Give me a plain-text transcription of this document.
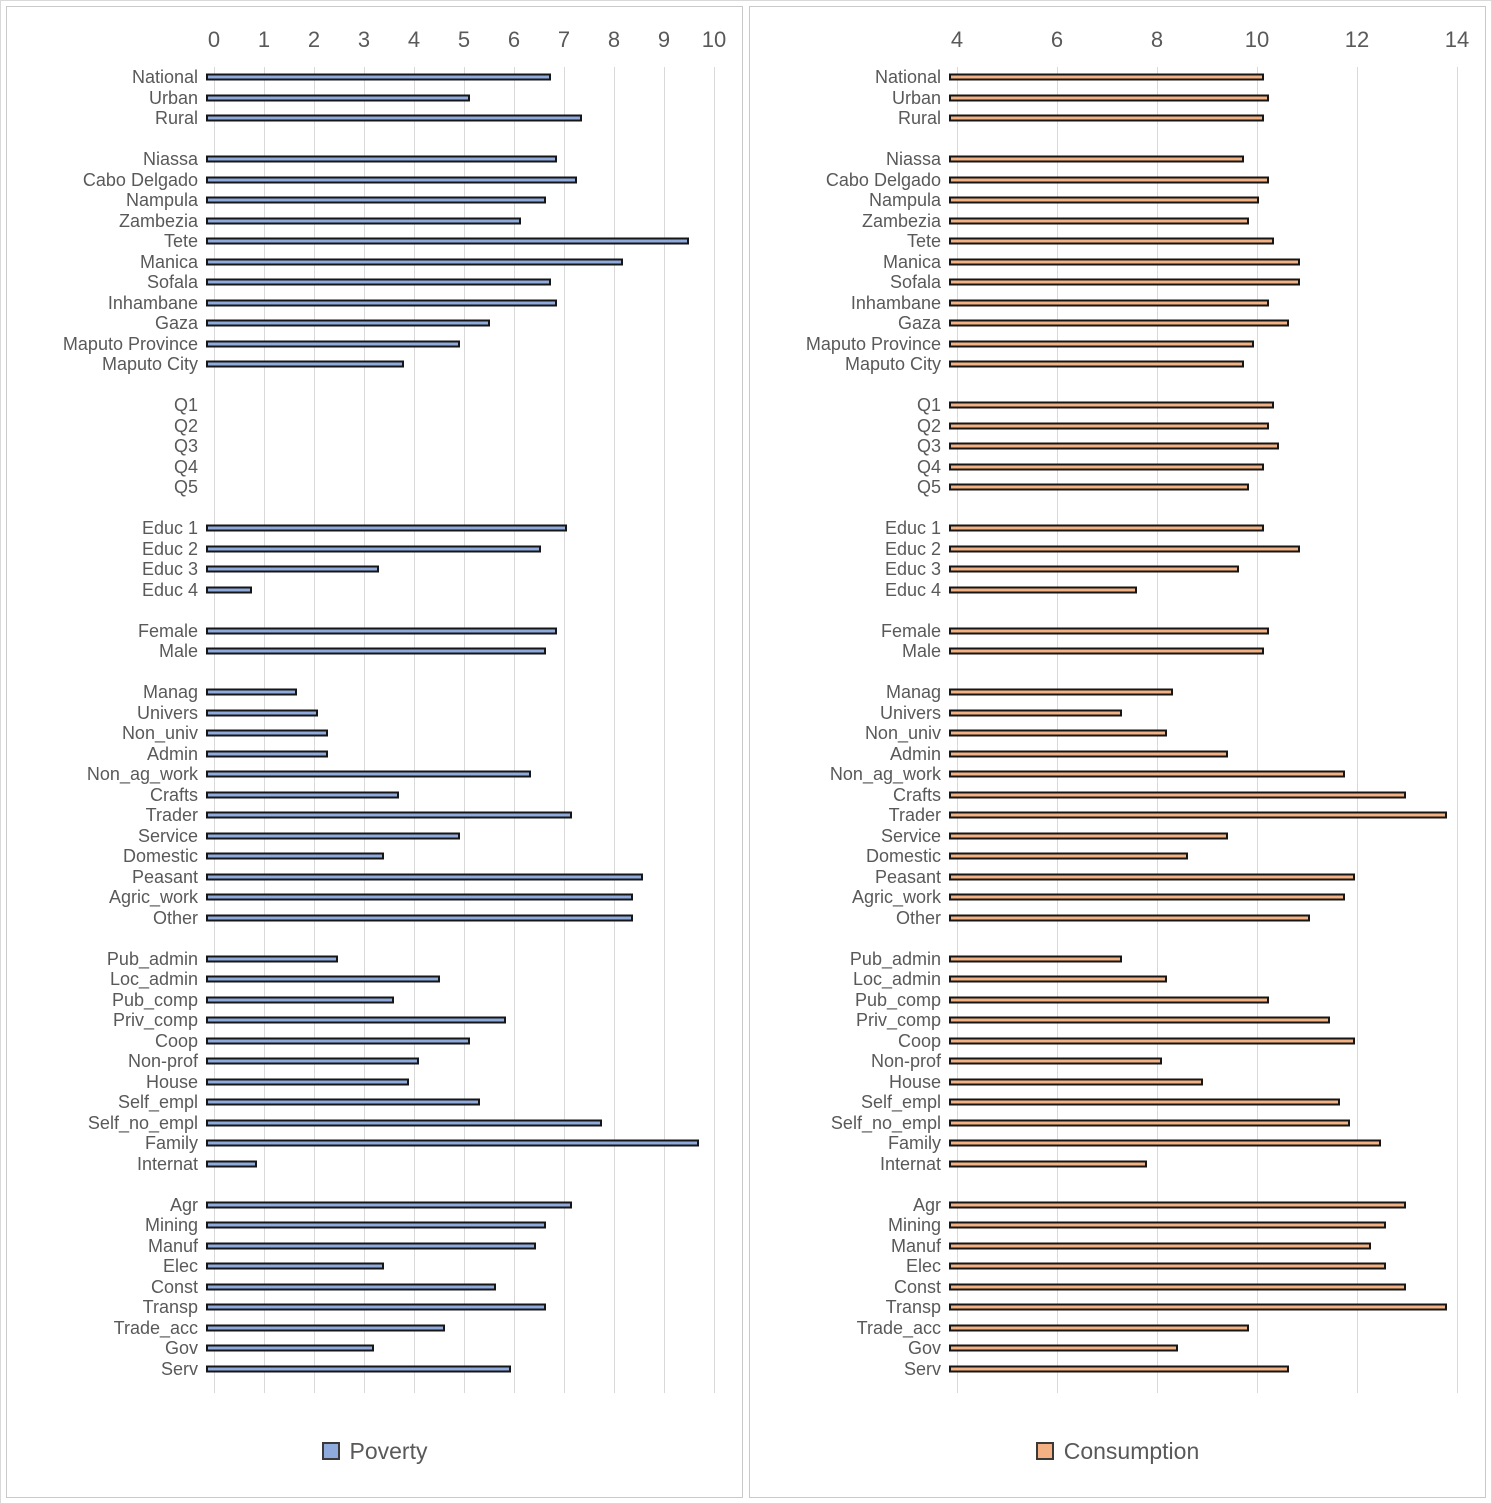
0 1 2 3 4 5 6 7 8 9 10
National
Urban
Rural
Niassa
Cabo Delgado
Nampula
Zambezia
Tete
Manica
Sofala
Inhambane
Gaza
Maputo Province
Maputo City
Q1
Q2
Q3
Q4
Q5
Educ 1
Educ 2
Educ 3
Educ 4
Female
Male
Manag
Univers
Non_univ
Admin
Non_ag_work
Crafts
Trader
Service
Domestic
Peasant
Agric_work
Other
Pub_admin
Loc_admin
Pub_comp
Priv_comp
Coop
Non-prof
House
Self_empl
Self_no_empl
Family
Internat
Agr
Mining
Manuf
Elec
Const
Transp
Trade_acc
Gov
Serv
Poverty
4	6	8	10	12	14
National
Urban
Rural
Niassa
Cabo Delgado
Nampula
Zambezia
Tete
Manica
Sofala
Inhambane
Gaza
Maputo Province
Maputo City
Q1
Q2
Q3
Q4
Q5
Educ 1
Educ 2
Educ 3
Educ 4
Female
Male
Manag
Univers
Non_univ
Admin
Non_ag_work
Crafts
Trader
Service
Domestic
Peasant
Agric_work
Other
Pub_admin
Loc_admin
Pub_comp
Priv_comp
Coop
Non-prof
House
Self_empl
Self_no_empl
Family
Internat
Agr
Mining
Manuf
Elec
Const
Transp
Trade_acc
Gov
Serv
Consumption
